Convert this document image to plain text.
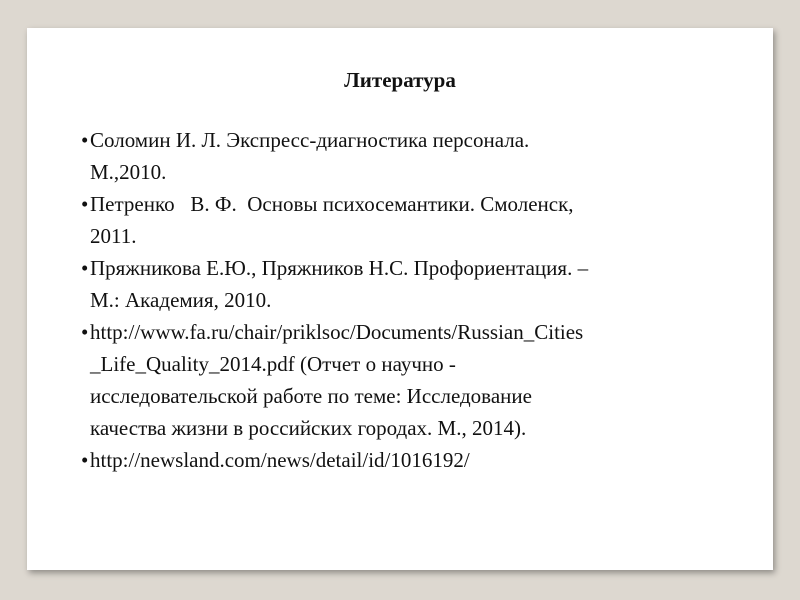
Литература
• Соломин И. Л. Экспресс-диагностика персонала.
М.,2010.
• Петренко   В. Ф.  Основы психосемантики. Смоленск,
2011.
• Пряжникова Е.Ю., Пряжников Н.С. Профориентация. –
М.: Академия, 2010.
• http://www.fa.ru/chair/priklsoc/Documents/Russian_Cities
_Life_Quality_2014.pdf (Отчет о научно -
исследовательской работе по теме: Исследование
качества жизни в российских городах. М., 2014).
• http://newsland.com/news/detail/id/1016192/
